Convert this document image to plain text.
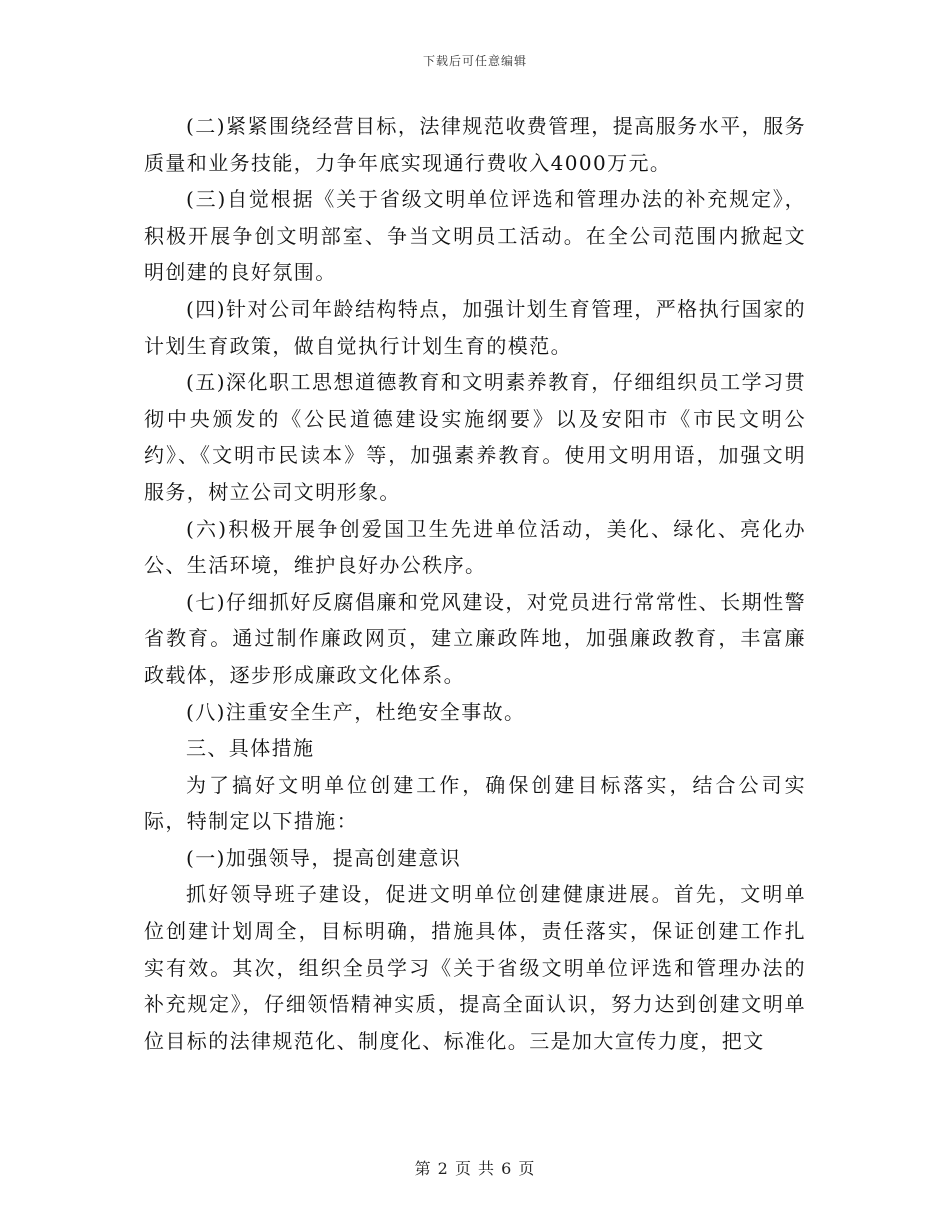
下载后可任意编辑

(二)紧紧围绕经营目标，法律规范收费管理，提高服务水平，服务质量和业务技能，力争年底实现通行费收入4000万元。

(三)自觉根据《关于省级文明单位评选和管理办法的补充规定》，积极开展争创文明部室、争当文明员工活动。在全公司范围内掀起文明创建的良好氛围。

(四)针对公司年龄结构特点，加强计划生育管理，严格执行国家的计划生育政策，做自觉执行计划生育的模范。

(五)深化职工思想道德教育和文明素养教育，仔细组织员工学习贯彻中央颁发的《公民道德建设实施纲要》以及安阳市《市民文明公约》、《文明市民读本》等，加强素养教育。使用文明用语，加强文明服务，树立公司文明形象。

(六)积极开展争创爱国卫生先进单位活动，美化、绿化、亮化办公、生活环境，维护良好办公秩序。

(七)仔细抓好反腐倡廉和党风建设，对党员进行常常性、长期性警省教育。通过制作廉政网页，建立廉政阵地，加强廉政教育，丰富廉政载体，逐步形成廉政文化体系。

(八)注重安全生产，杜绝安全事故。

三、具体措施

为了搞好文明单位创建工作，确保创建目标落实，结合公司实际，特制定以下措施：

(一)加强领导，提高创建意识

抓好领导班子建设，促进文明单位创建健康进展。首先，文明单位创建计划周全，目标明确，措施具体，责任落实，保证创建工作扎实有效。其次，组织全员学习《关于省级文明单位评选和管理办法的补充规定》，仔细领悟精神实质，提高全面认识，努力达到创建文明单位目标的法律规范化、制度化、标准化。三是加大宣传力度，把文

第 2 页 共 6 页
